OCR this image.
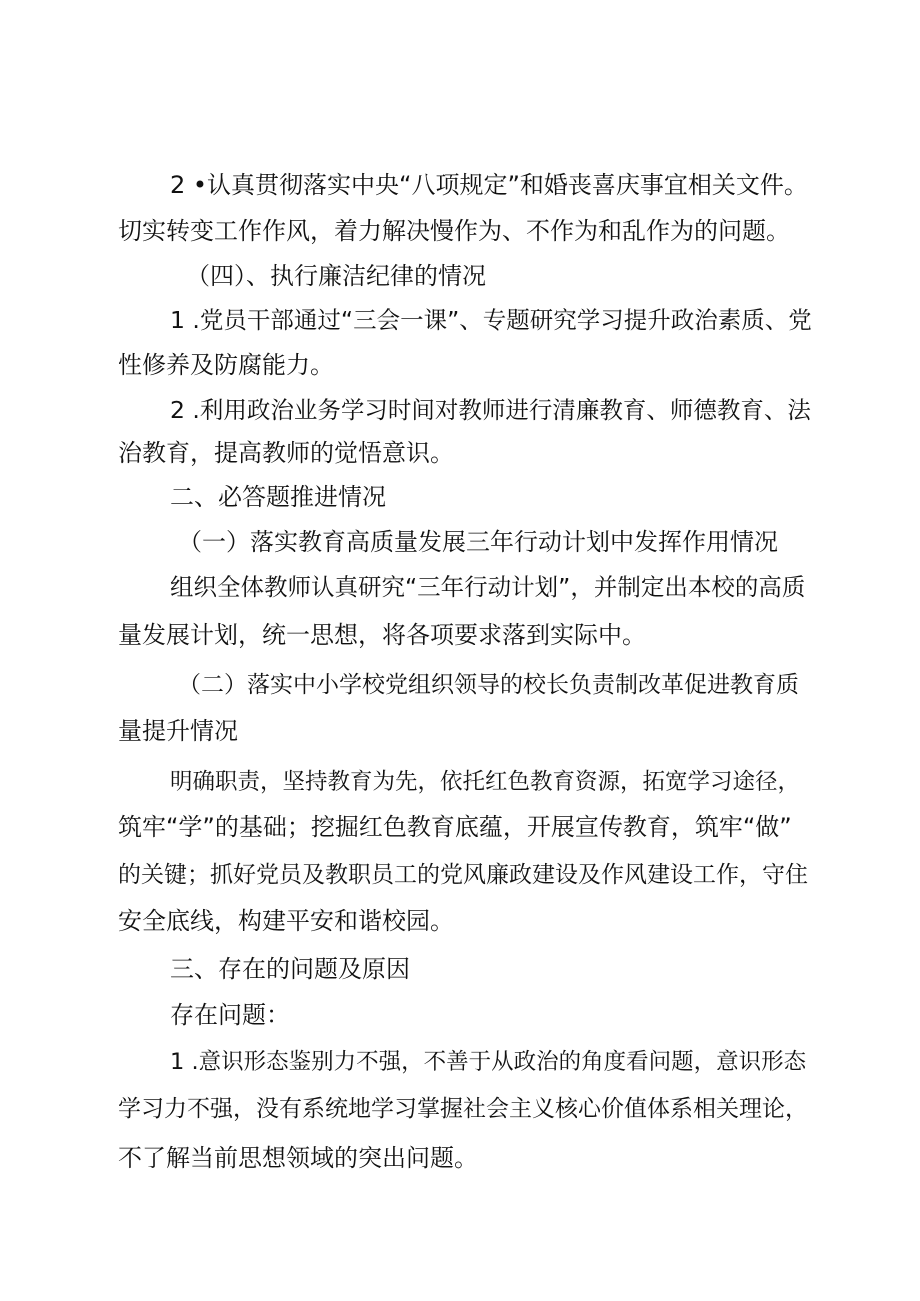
2 •认真贯彻落实中央“八项规定”和婚丧喜庆事宜相关文件。

切实转变工作作风，着力解决慢作为、不作为和乱作为的问题。

（四）、执行廉洁纪律的情况

1 .党员干部通过“三会一课”、专题研究学习提升政治素质、党

性修养及防腐能力。

2 .利用政治业务学习时间对教师进行清廉教育、师德教育、法

治教育，提高教师的觉悟意识。

二、必答题推进情况

（一）落实教育高质量发展三年行动计划中发挥作用情况

组织全体教师认真研究“三年行动计划”，并制定出本校的高质

量发展计划，统一思想，将各项要求落到实际中。

（二）落实中小学校党组织领导的校长负责制改革促进教育质

量提升情况

明确职责，坚持教育为先，依托红色教育资源，拓宽学习途径，

筑牢“学”的基础；挖掘红色教育底蕴，开展宣传教育，筑牢“做”

的关键；抓好党员及教职员工的党风廉政建设及作风建设工作，守住

安全底线，构建平安和谐校园。

三、存在的问题及原因

存在问题：

1 .意识形态鉴别力不强，不善于从政治的角度看问题，意识形态

学习力不强，没有系统地学习掌握社会主义核心价值体系相关理论，

不了解当前思想领域的突出问题。
